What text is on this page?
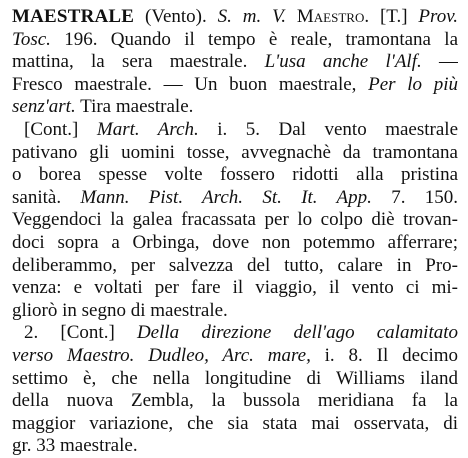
MAESTRALE (Vento). S. m. V. Maestro. [T.] Prov.
Tosc. 196. Quando il tempo è reale, tramontana la
mattina, la sera maestrale. L'usa anche l'Alf. —
Fresco maestrale. — Un buon maestrale, Per lo più
senz'art. Tira maestrale.
[Cont.] Mart. Arch. i. 5. Dal vento maestrale
pativano gli uomini tosse, avvegnachè da tramontana
o borea spesse volte fossero ridotti alla pristina
sanità. Mann. Pist. Arch. St. It. App. 7. 150.
Veggendoci la galea fracassata per lo colpo diè trovan-
doci sopra a Orbinga, dove non potemmo afferrare;
deliberammo, per salvezza del tutto, calare in Pro-
venza: e voltati per fare il viaggio, il vento ci mi-
gliorò in segno di maestrale.
2. [Cont.] Della direzione dell'ago calamitato
verso Maestro. Dudleo, Arc. mare, i. 8. Il decimo
settimo è, che nella longitudine di Williams iland
della nuova Zembla, la bussola meridiana fa la
maggior variazione, che sia stata mai osservata, di
gr. 33 maestrale.
